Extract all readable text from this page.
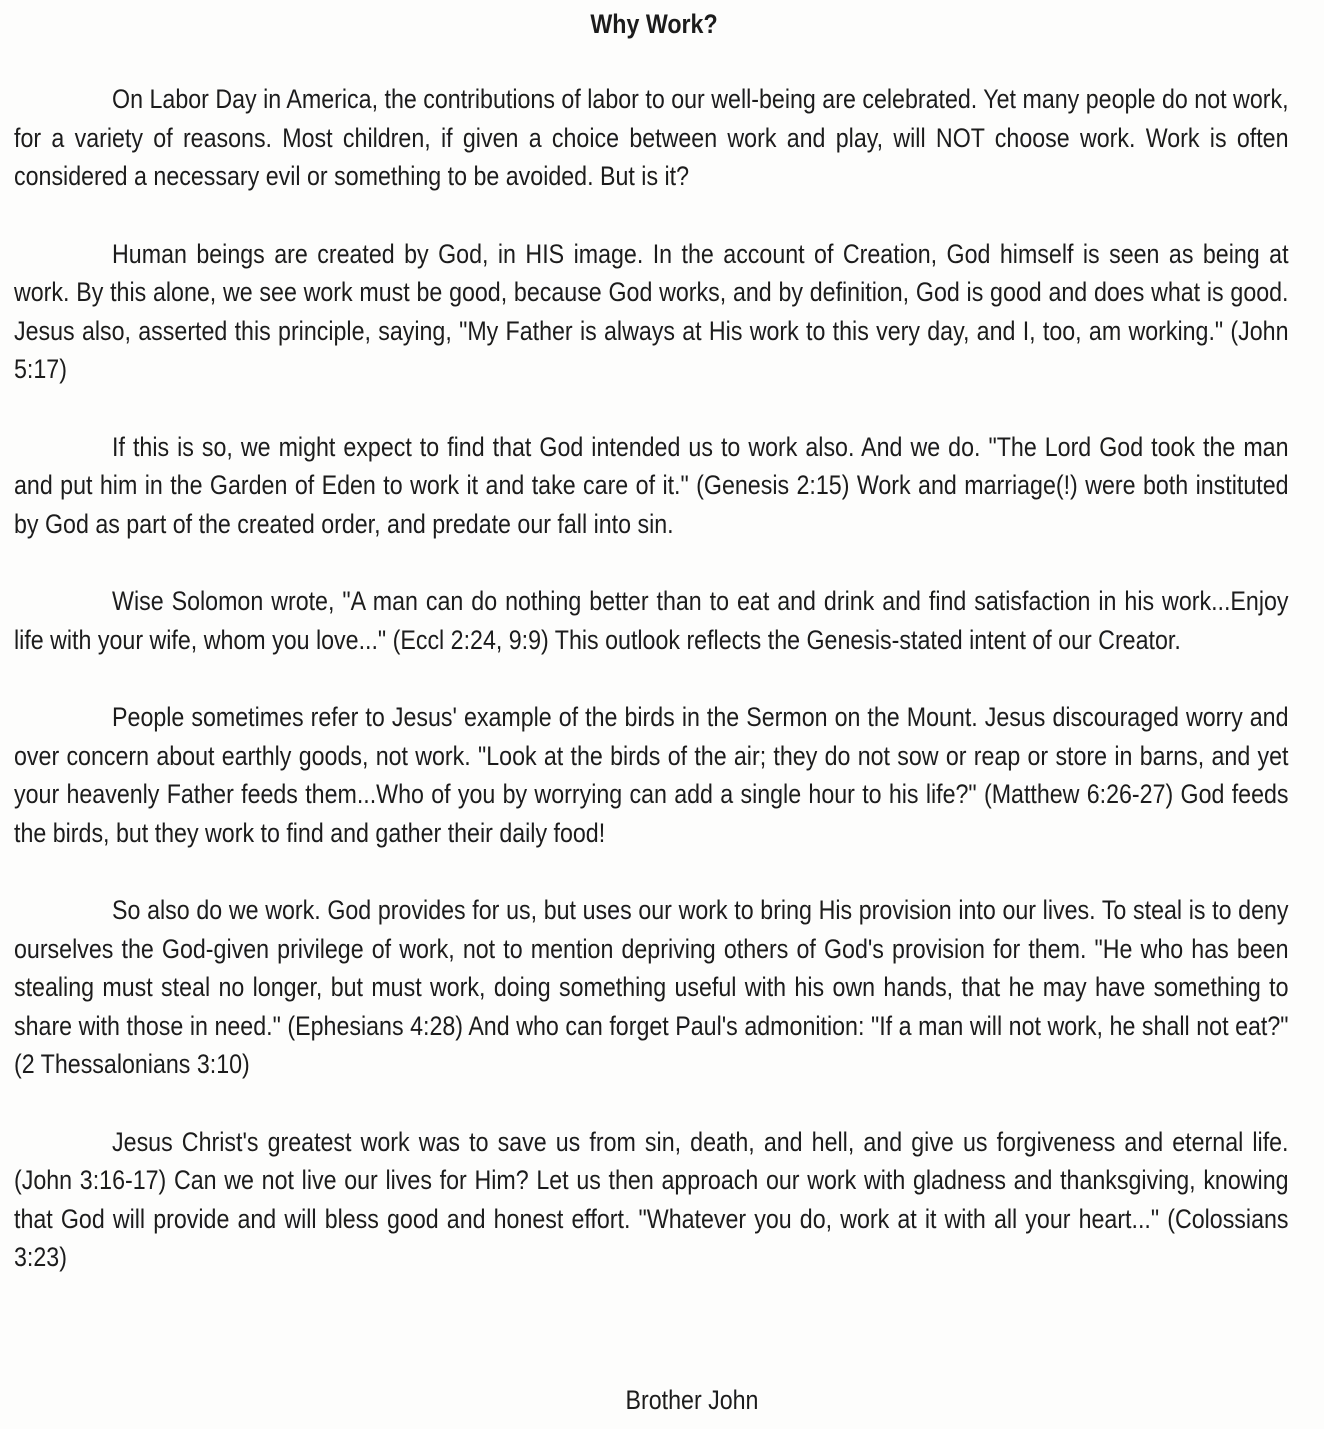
Why Work?

On Labor Day in America, the contributions of labor to our well-being are celebrated. Yet many people do not work, for a variety of reasons. Most children, if given a choice between work and play, will NOT choose work. Work is often considered a necessary evil or something to be avoided. But is it?

Human beings are created by God, in HIS image. In the account of Creation, God himself is seen as being at work. By this alone, we see work must be good, because God works, and by definition, God is good and does what is good. Jesus also, asserted this principle, saying, "My Father is always at His work to this very day, and I, too, am working." (John 5:17)

If this is so, we might expect to find that God intended us to work also. And we do. "The Lord God took the man and put him in the Garden of Eden to work it and take care of it." (Genesis 2:15) Work and marriage(!) were both instituted by God as part of the created order, and predate our fall into sin.

Wise Solomon wrote, "A man can do nothing better than to eat and drink and find satisfaction in his work...Enjoy life with your wife, whom you love..." (Eccl 2:24, 9:9) This outlook reflects the Genesis-stated intent of our Creator.

People sometimes refer to Jesus' example of the birds in the Sermon on the Mount. Jesus discouraged worry and over concern about earthly goods, not work. "Look at the birds of the air; they do not sow or reap or store in barns, and yet your heavenly Father feeds them...Who of you by worrying can add a single hour to his life?" (Matthew 6:26-27) God feeds the birds, but they work to find and gather their daily food!

So also do we work. God provides for us, but uses our work to bring His provision into our lives. To steal is to deny ourselves the God-given privilege of work, not to mention depriving others of God's provision for them. "He who has been stealing must steal no longer, but must work, doing something useful with his own hands, that he may have something to share with those in need." (Ephesians 4:28) And who can forget Paul's admonition: "If a man will not work, he shall not eat?" (2 Thessalonians 3:10)

Jesus Christ's greatest work was to save us from sin, death, and hell, and give us forgiveness and eternal life. (John 3:16-17) Can we not live our lives for Him? Let us then approach our work with gladness and thanksgiving, knowing that God will provide and will bless good and honest effort. "Whatever you do, work at it with all your heart..." (Colossians 3:23)

Brother John
